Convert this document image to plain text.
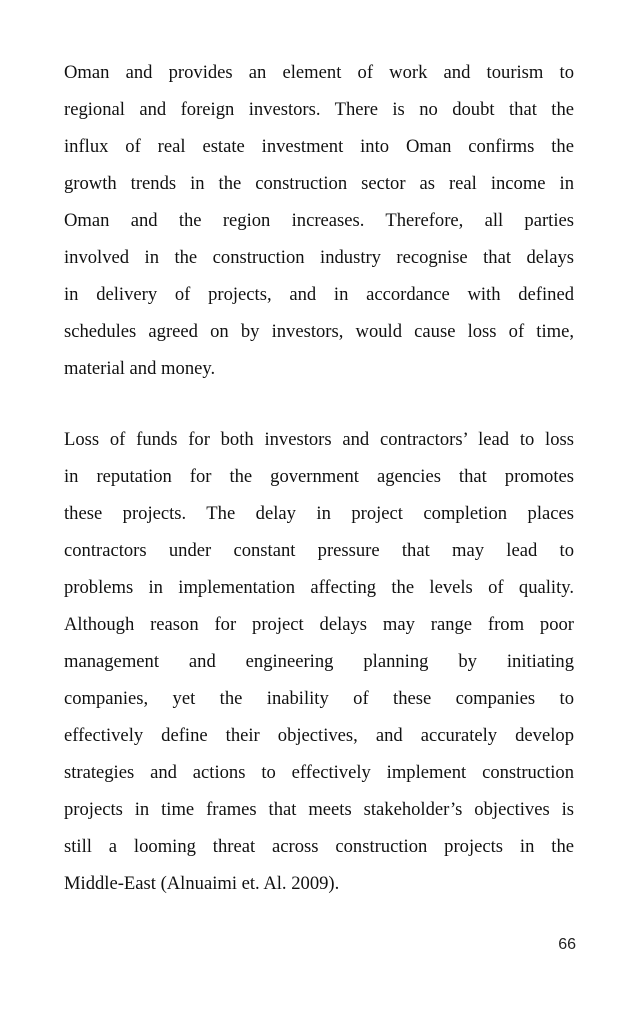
Oman and provides an element of work and tourism to
regional and foreign investors. There is no doubt that the
influx of real estate investment into Oman confirms the
growth trends in the construction sector as real income in
Oman and the region increases. Therefore, all parties
involved in the construction industry recognise that delays
in delivery of projects, and in accordance with defined
schedules agreed on by investors, would cause loss of time,
material and money.
Loss of funds for both investors and contractors’ lead to loss
in reputation for the government agencies that promotes
these projects. The delay in project completion places
contractors under constant pressure that may lead to
problems in implementation affecting the levels of quality.
Although reason for project delays may range from poor
management and engineering planning by initiating
companies, yet the inability of these companies to
effectively define their objectives, and accurately develop
strategies and actions to effectively implement construction
projects in time frames that meets stakeholder’s objectives is
still a looming threat across construction projects in the
Middle-East (Alnuaimi et. Al. 2009).
66
